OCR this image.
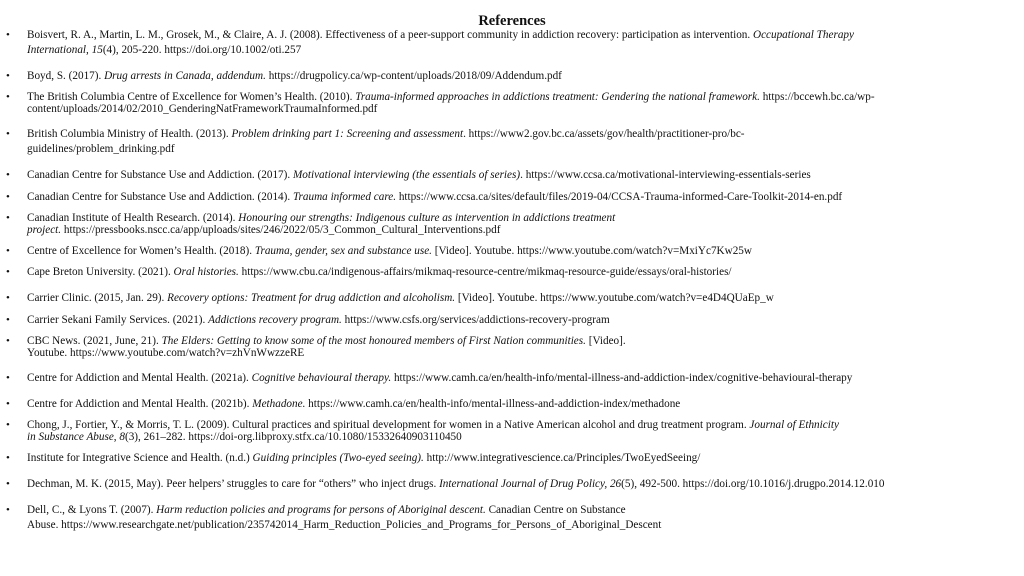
References
• Boisvert, R. A., Martin, L. M., Grosek, M., & Claire, A. J. (2008). Effectiveness of a peer-support community in addiction recovery: participation as intervention. Occupational Therapy
International, 15(4), 205-220. https://doi.org/10.1002/oti.257
• Boyd, S. (2017). Drug arrests in Canada, addendum. https://drugpolicy.ca/wp-content/uploads/2018/09/Addendum.pdf
• The British Columbia Centre of Excellence for Women’s Health. (2010). Trauma-informed approaches in addictions treatment: Gendering the national framework. https://bccewh.bc.ca/wp-
content/uploads/2014/02/2010_GenderingNatFrameworkTraumaInformed.pdf
• British Columbia Ministry of Health. (2013). Problem drinking part 1: Screening and assessment. https://www2.gov.bc.ca/assets/gov/health/practitioner-pro/bc-
guidelines/problem_drinking.pdf
• Canadian Centre for Substance Use and Addiction. (2017). Motivational interviewing (the essentials of series). https://www.ccsa.ca/motivational-interviewing-essentials-series
• Canadian Centre for Substance Use and Addiction. (2014). Trauma informed care. https://www.ccsa.ca/sites/default/files/2019-04/CCSA-Trauma-informed-Care-Toolkit-2014-en.pdf
• Canadian Institute of Health Research. (2014). Honouring our strengths: Indigenous culture as intervention in addictions treatment
project. https://pressbooks.nscc.ca/app/uploads/sites/246/2022/05/3_Common_Cultural_Interventions.pdf
• Centre of Excellence for Women’s Health. (2018). Trauma, gender, sex and substance use. [Video]. Youtube. https://www.youtube.com/watch?v=MxiYc7Kw25w
• Cape Breton University. (2021). Oral histories. https://www.cbu.ca/indigenous-affairs/mikmaq-resource-centre/mikmaq-resource-guide/essays/oral-histories/
• Carrier Clinic. (2015, Jan. 29). Recovery options: Treatment for drug addiction and alcoholism. [Video]. Youtube. https://www.youtube.com/watch?v=e4D4QUaEp_w
• Carrier Sekani Family Services. (2021). Addictions recovery program. https://www.csfs.org/services/addictions-recovery-program
• CBC News. (2021, June, 21). The Elders: Getting to know some of the most honoured members of First Nation communities. [Video].
Youtube. https://www.youtube.com/watch?v=zhVnWwzzeRE
• Centre for Addiction and Mental Health. (2021a). Cognitive behavioural therapy. https://www.camh.ca/en/health-info/mental-illness-and-addiction-index/cognitive-behavioural-therapy
• Centre for Addiction and Mental Health. (2021b). Methadone. https://www.camh.ca/en/health-info/mental-illness-and-addiction-index/methadone
• Chong, J., Fortier, Y., & Morris, T. L. (2009). Cultural practices and spiritual development for women in a Native American alcohol and drug treatment program. Journal of Ethnicity
in Substance Abuse, 8(3), 261–282. https://doi-org.libproxy.stfx.ca/10.1080/15332640903110450
• Institute for Integrative Science and Health. (n.d.) Guiding principles (Two-eyed seeing). http://www.integrativescience.ca/Principles/TwoEyedSeeing/
• Dechman, M. K. (2015, May). Peer helpers’ struggles to care for “others” who inject drugs. International Journal of Drug Policy, 26(5), 492-500. https://doi.org/10.1016/j.drugpo.2014.12.010
• Dell, C., & Lyons T. (2007). Harm reduction policies and programs for persons of Aboriginal descent. Canadian Centre on Substance
Abuse. https://www.researchgate.net/publication/235742014_Harm_Reduction_Policies_and_Programs_for_Persons_of_Aboriginal_Descent
